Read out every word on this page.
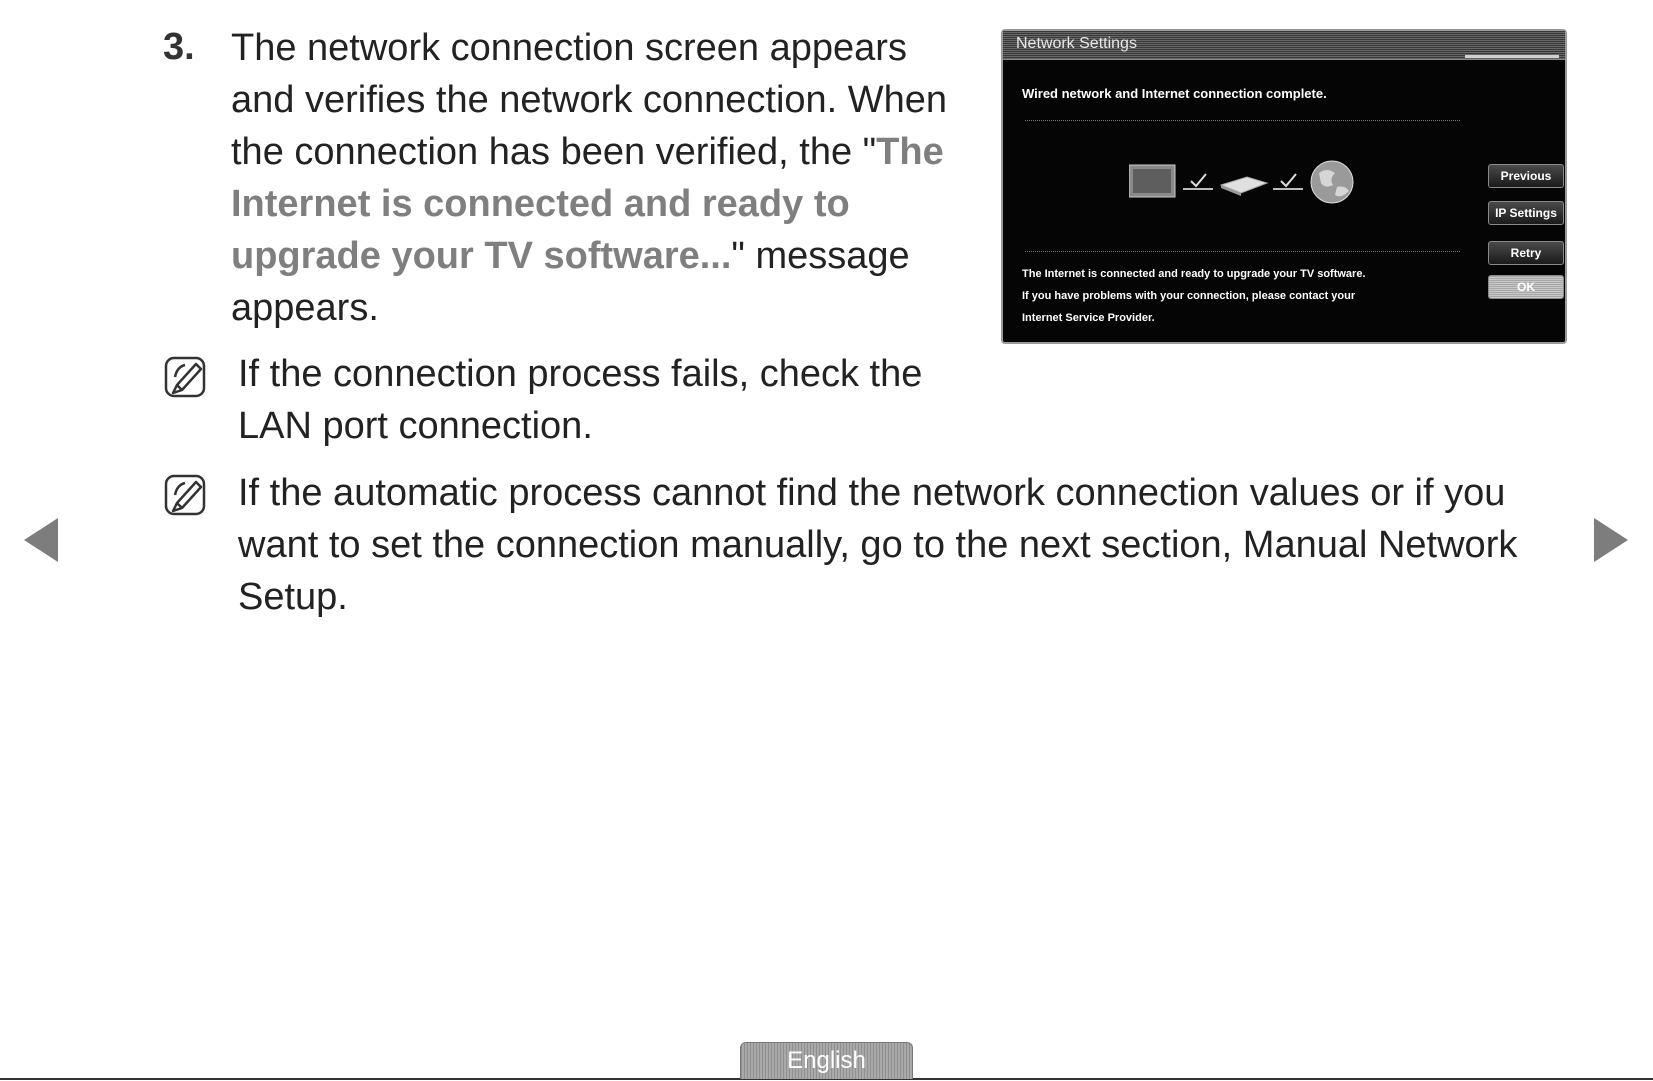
3. The network connection screen appears and verifies the network connection. When the connection has been verified, the "The Internet is connected and ready to upgrade your TV software..." message appears.
If the connection process fails, check the LAN port connection.
If the automatic process cannot find the network connection values or if you want to set the connection manually, go to the next section, Manual Network Setup.
Network Settings
Wired network and Internet connection complete.
The Internet is connected and ready to upgrade your TV software.
If you have problems with your connection, please contact your
Internet Service Provider.
Previous
IP Settings
Retry
OK
English
